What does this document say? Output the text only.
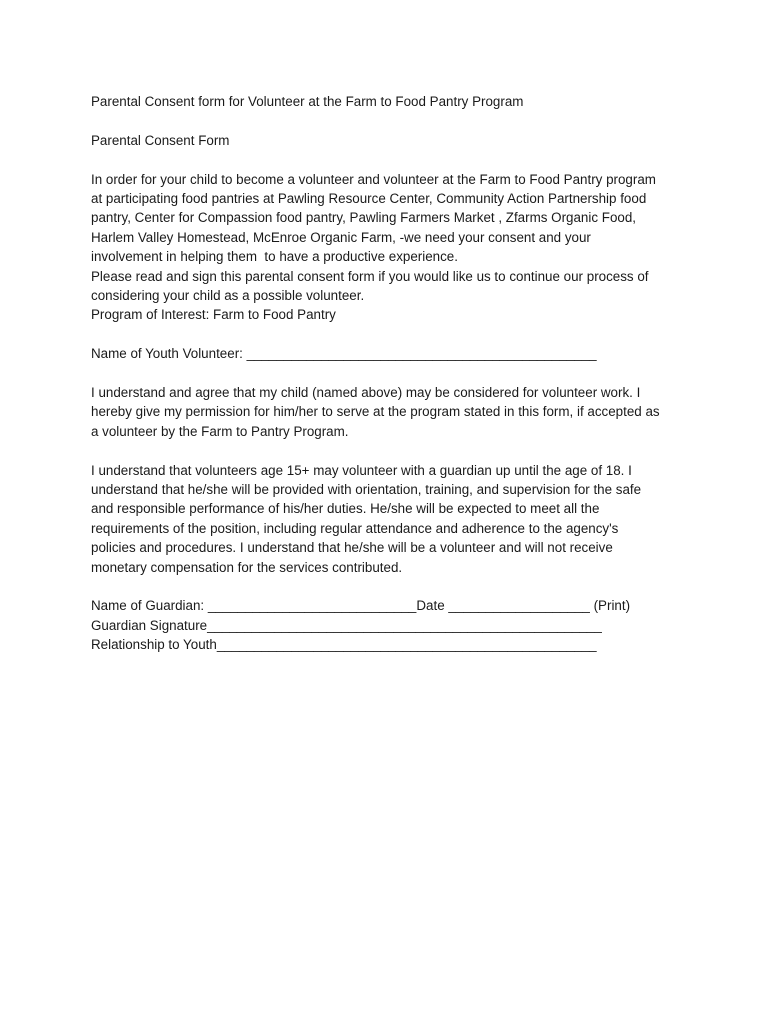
Parental Consent form for Volunteer at the Farm to Food Pantry Program

Parental Consent Form

In order for your child to become a volunteer and volunteer at the Farm to Food Pantry program
at participating food pantries at Pawling Resource Center, Community Action Partnership food
pantry, Center for Compassion food pantry, Pawling Farmers Market , Zfarms Organic Food,
Harlem Valley Homestead, McEnroe Organic Farm, -we need your consent and your
involvement in helping them  to have a productive experience.
Please read and sign this parental consent form if you would like us to continue our process of
considering your child as a possible volunteer.
Program of Interest: Farm to Food Pantry

Name of Youth Volunteer: _______________________________________________

I understand and agree that my child (named above) may be considered for volunteer work. I
hereby give my permission for him/her to serve at the program stated in this form, if accepted as
a volunteer by the Farm to Pantry Program.

I understand that volunteers age 15+ may volunteer with a guardian up until the age of 18. I
understand that he/she will be provided with orientation, training, and supervision for the safe
and responsible performance of his/her duties. He/she will be expected to meet all the
requirements of the position, including regular attendance and adherence to the agency's
policies and procedures. I understand that he/she will be a volunteer and will not receive
monetary compensation for the services contributed.

Name of Guardian: ____________________________Date ___________________ (Print)
Guardian Signature_____________________________________________________
Relationship to Youth___________________________________________________
